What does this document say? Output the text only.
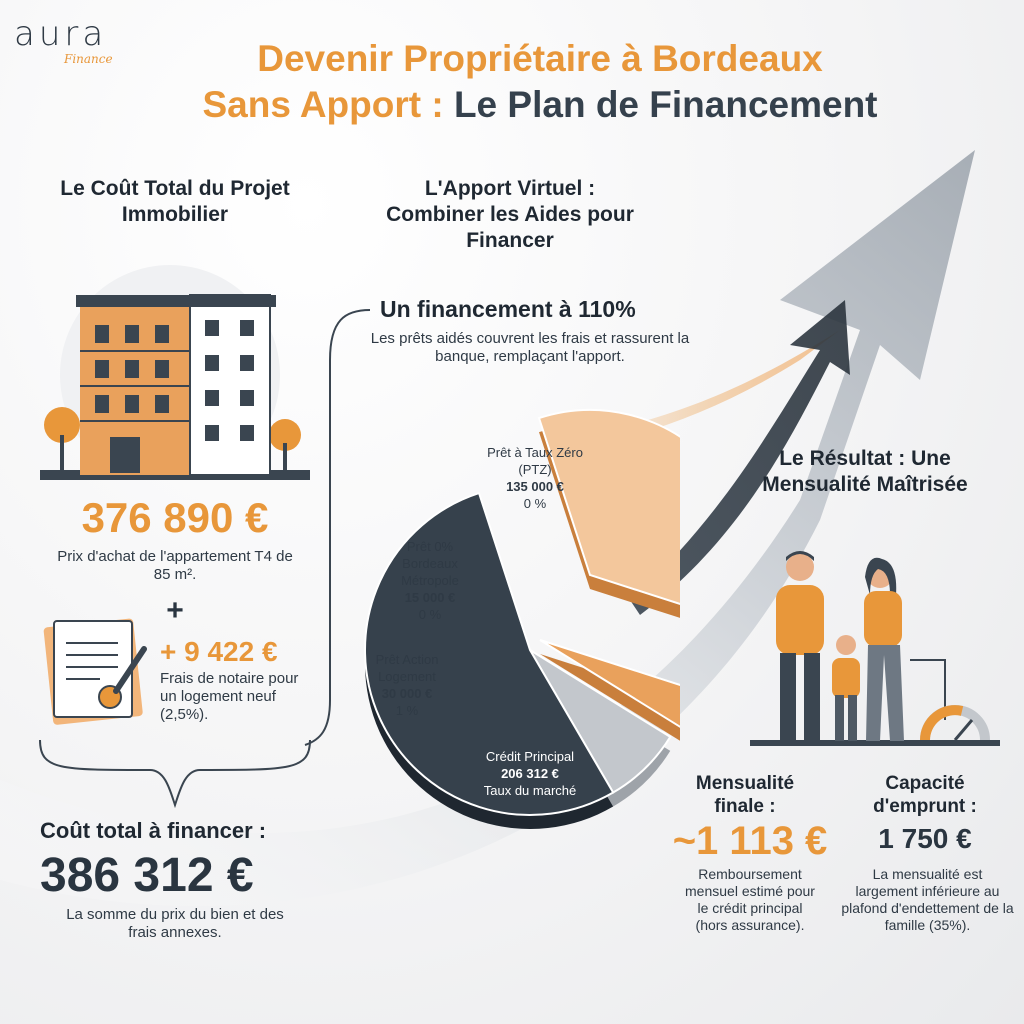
aura
Finance	Devenir Propriétaire à Bordeaux
Sans Apport : Le Plan de Financement
Le Coût Total du Projet Immobilier
376 890 €
Prix d'achat de l'appartement T4 de 85 m².
+
+ 9 422 €
Frais de notaire pour un logement neuf (2,5%).
Coût total à financer :
386 312 €
La somme du prix du bien et des frais annexes.
L'Apport Virtuel : Combiner les Aides pour Financer
Un financement à 110%
Les prêts aidés couvrent les frais et rassurent la banque, remplaçant l'apport.
Prêt à Taux Zéro (PTZ)
135 000 €
0 %
Prêt 0% Bordeaux Métropole
15 000 €
0 %
Prêt Action Logement
30 000 €
1 %
Crédit Principal
206 312 €
Taux du marché
Le Résultat : Une Mensualité Maîtrisée
Mensualité finale :
~1 113 €
Remboursement mensuel estimé pour le crédit principal (hors assurance).
Capacité d'emprunt :
1 750 €
La mensualité est largement inférieure au plafond d'endettement de la famille (35%).
